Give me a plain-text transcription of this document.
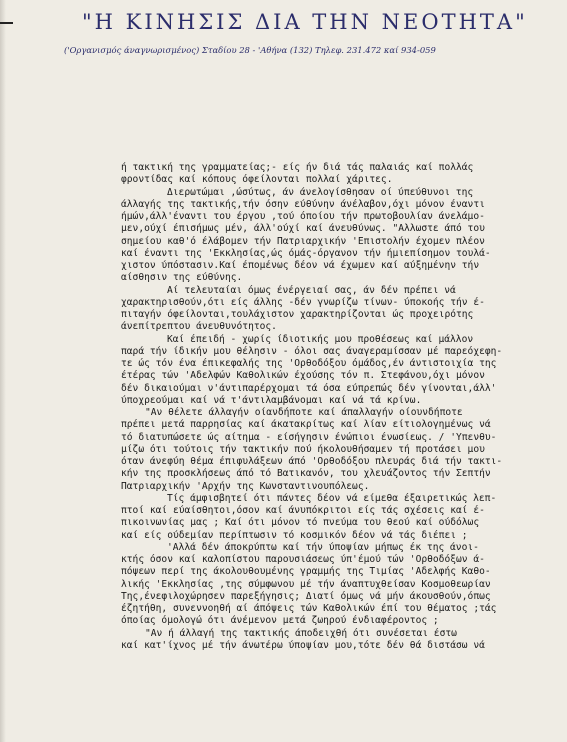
"Η ΚΙΝΗΣΙΣ ΔΙΑ ΤΗΝ ΝΕΟΤΗΤΑ"
('Οργανισμός άναγνωρισμένος) Σταδίου 28 - 'Αθήνα (132) Τηλεφ. 231.472 καί 934-059
ή τακτική της γραμματείας;- είς ήν διά τάς παλαιάς καί πολλάς
φροντίδας καί κόπους όφείλονται πολλαί χάριτες.
Διερωτώμαι ,ώσύτως, άν άνελογίσθησαν οί ύπεύθυνοι της
άλλαγής της τακτικής,τήν όσην εύθύνην άνέλαβον,όχι μόνον έναντι
ήμών,άλλ'έναντι του έργου ,τού όποίου τήν πρωτοβουλίαν άνελάμο-
μεν,ούχί έπισήμως μέν, άλλ'ούχί καί άνευθύνως. "Αλλωστε άπό του
σημείου καθ'ό έλάβομεν τήν Πατριαρχικήν 'Επιστολήν έχομεν πλέον
καί έναντι της 'Εκκλησίας,ώς όμάς-όργανον τήν ήμιεπίσημον τουλά-
χιστον ύπόστασιν.Καί έπομένως δέον νά έχωμεν καί αύξημένην τήν
αίσθησιν της εύθύνης.
Αί τελευταίαι όμως ένέργειαί σας, άν δέν πρέπει νά
χαρακτηρισθούν,ότι είς άλλης -δέν γνωρίζω τίνων- ύποκοής τήν έ-
πιταγήν όφείλονται,τουλάχιστον χαρακτηρίζονται ώς προχειρότης
άνεπίτρεπτου άνευθυνότητος.
Καί έπειδή - χωρίς ίδιοτικής μου προθέσεως καί μάλλον
παρά τήν ίδικήν μου θέλησιν - όλοι σας άναγεραμίσσαν μέ παρεόχεφη-
τε ώς τόν ένα έπικεφαλής της 'Ορθοδόξου όμάδος,έν άντιστοιχία της
έτέρας τών 'Αδελφών Καθολικών έχούσης τόν π. Στεφάνου,όχι μόνον
δέν δικαιούμαι ν'άντιπαρέρχομαι τά όσα εύπρεπώς δέν γίνονται,άλλ'
ύποχρεούμαι καί νά τ'άντιλαμβάνομαι καί νά τά κρίνω.
"Αν θέλετε άλλαγήν οίανδήποτε καί άπαλλαγήν οίουνδήποτε
πρέπει μετά παρρησίας καί άκατακρίτως καί λίαν είτιολογημένως νά
τό διατυπώσετε ώς αίτημα - είσήγησιν ένώπιοι ένωσίεως. / 'Υπενθυ-
μίζω ότι τούτοις τήν τακτικήν πού ήκολουθήσαμεν τή προτάσει μου
όταν άνεφύη θέμα έπιφυλάξεων άπό 'Ορθοδόξου πλευράς διά τήν τακτι-
κήν της προσκλήσεως άπό τό Βατικανόν, του χλευάζοντος τήν Σεπτήν
Πατριαρχικήν 'Αρχήν της Κωνσταντινουπόλεως.
Τίς άμφισβητεί ότι πάντες δέον νά είμεθα έξαιρετικώς λεπ-
πτοί καί εύαίσθητοι,όσον καί άνυπόκριτοι είς τάς σχέσεις καί έ-
πικοινωνίας μας ; Καί ότι μόνον τό πνεύμα του θεού καί ούδόλως
καί είς ούδεμίαν περίπτωσιν τό κοσμικόν δέον νά τάς διέπει ;
'Αλλά δέν άποκρύπτω καί τήν ύποψίαν μήπως έκ της άνοι-
κτής όσον καί καλοπίστου παρουσιάσεως ύπ'έμού τών 'Ορθοδόξων ά-
πόψεων περί της άκολουθουμένης γραμμής της Τιμίας 'Αδελφής Καθο-
λικής 'Εκκλησίας ,της σύμφωνου μέ τήν άναπτυχθείσαν Κοσμοθεωρίαν
Της,ένεφιλοχώρησεν παρεξήγησις; Διατί όμως νά μήν άκουσθούν,όπως
έζητήθη, συνεννοηθή αί άπόψεις τών Καθολικών έπί του θέματος ;τάς
όποίας όμολογώ ότι άνέμενον μετά ζωηρού ένδιαφέροντος ;
"Αν ή άλλαγή της τακτικής άποδειχθή ότι συνέσεται έστω
καί κατ'ίχνος μέ τήν άνωτέρω ύποψίαν μου,τότε δέν θά διστάσω νά
